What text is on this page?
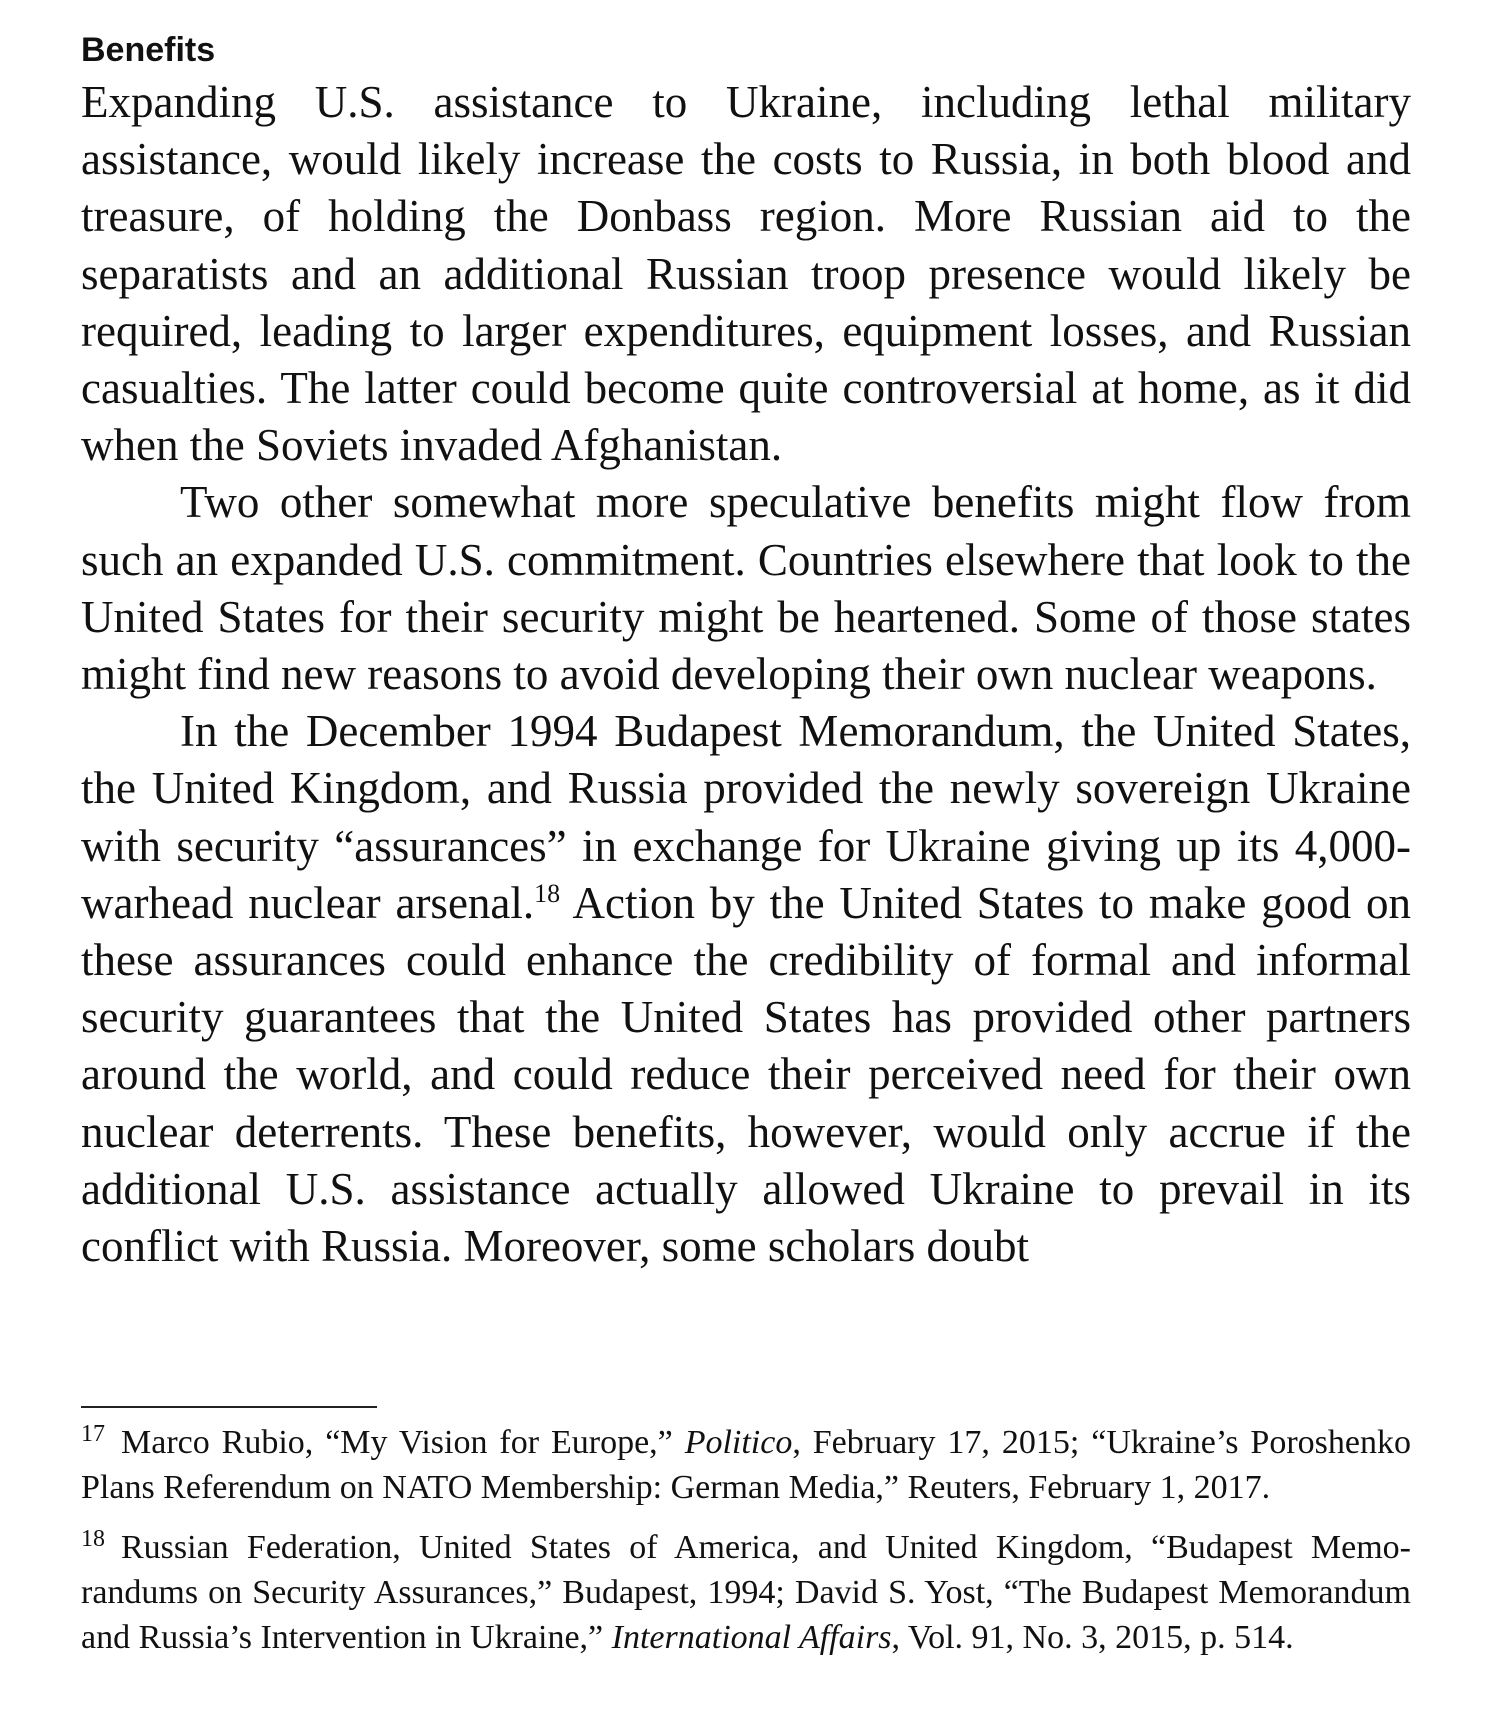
Benefits

Expanding U.S. assistance to Ukraine, including lethal military assistance, would likely increase the costs to Russia, in both blood and treasure, of holding the Donbass region. More Russian aid to the separatists and an additional Russian troop presence would likely be required, leading to larger expenditures, equipment losses, and Russian casualties. The latter could become quite controversial at home, as it did when the Soviets invaded Afghanistan.

Two other somewhat more speculative benefits might flow from such an expanded U.S. commitment. Countries elsewhere that look to the United States for their security might be heartened. Some of those states might find new reasons to avoid developing their own nuclear weapons.

In the December 1994 Budapest Memorandum, the United States, the United Kingdom, and Russia provided the newly sovereign Ukraine with security “assurances” in exchange for Ukraine giving up its 4,000-warhead nuclear arsenal.$^{18}$ Action by the United States to make good on these assurances could enhance the credibility of formal and informal security guarantees that the United States has provided other partners around the world, and could reduce their perceived need for their own nuclear deterrents. These benefits, however, would only accrue if the additional U.S. assistance actually allowed Ukraine to prevail in its conflict with Russia. Moreover, some scholars doubt

$^{17}$ Marco Rubio, “My Vision for Europe,” Politico, February 17, 2015; “Ukraine’s Poroshenko Plans Referendum on NATO Membership: German Media,” Reuters, February 1, 2017.

$^{18}$ Russian Federation, United States of America, and United Kingdom, “Budapest Memorandums on Security Assurances,” Budapest, 1994; David S. Yost, “The Budapest Memorandum and Russia’s Intervention in Ukraine,” International Affairs, Vol. 91, No. 3, 2015, p. 514.
